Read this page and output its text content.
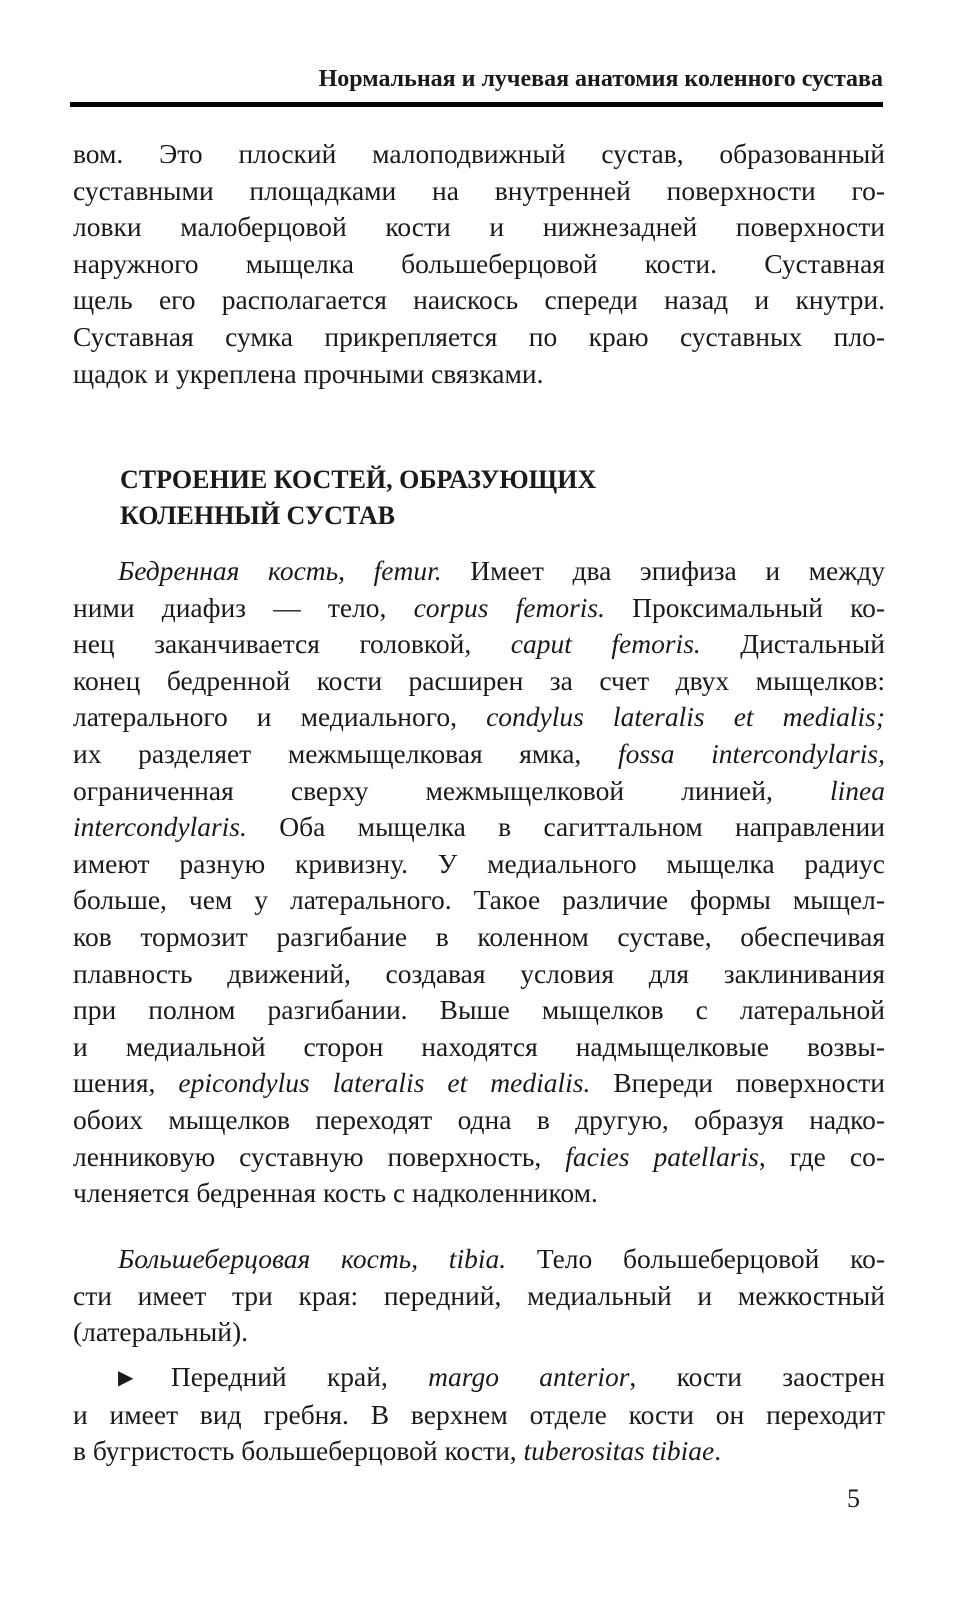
Нормальная и лучевая анатомия коленного сустава
вом. Это плоский малоподвижный сустав, образованный
суставными площадками на внутренней поверхности го-
ловки малоберцовой кости и нижнезадней поверхности
наружного мыщелка большеберцовой кости. Суставная
щель его располагается наискось спереди назад и кнутри.
Суставная сумка прикрепляется по краю суставных пло-
щадок и укреплена прочными связками.
СТРОЕНИЕ КОСТЕЙ, ОБРАЗУЮЩИХ
КОЛЕННЫЙ СУСТАВ
Бедренная кость, femur. Имеет два эпифиза и между
ними диафиз — тело, corpus femoris. Проксимальный ко-
нец заканчивается головкой, caput femoris. Дистальный
конец бедренной кости расширен за счет двух мыщелков:
латерального и медиального, condylus lateralis et medialis;
их разделяет межмыщелковая ямка, fossa intercondylaris,
ограниченная сверху межмыщелковой линией, linea
intercondylaris. Оба мыщелка в сагиттальном направлении
имеют разную кривизну. У медиального мыщелка радиус
больше, чем у латерального. Такое различие формы мыщел-
ков тормозит разгибание в коленном суставе, обеспечивая
плавность движений, создавая условия для заклинивания
при полном разгибании. Выше мыщелков с латеральной
и медиальной сторон находятся надмыщелковые возвы-
шения, epicondylus lateralis et medialis. Впереди поверхности
обоих мыщелков переходят одна в другую, образуя надко-
ленниковую суставную поверхность, facies patellaris, где со-
членяется бедренная кость с надколенником.
Большеберцовая кость, tibia. Тело большеберцовой ко-
сти имеет три края: передний, медиальный и межкостный
(латеральный).
▶ Передний край, margo anterior, кости заострен
и имеет вид гребня. В верхнем отделе кости он переходит
в бугристость большеберцовой кости, tuberositas tibiae.
5
